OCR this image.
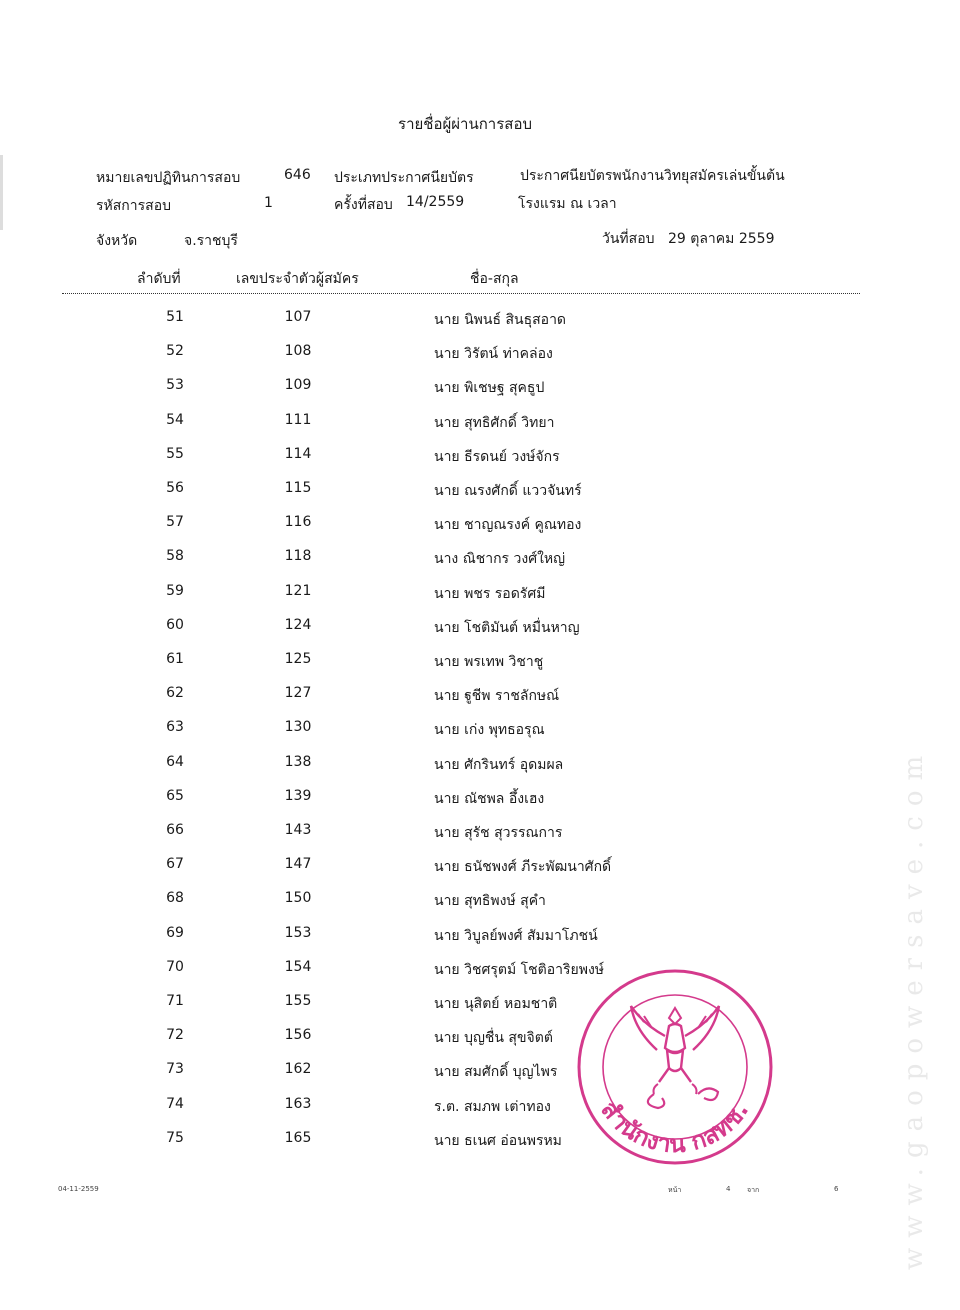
รายชื่อผู้ผ่านการสอบ
หมายเลขปฏิทินการสอบ	646 ประเภทประกาศนียบัตร	ประกาศนียบัตรพนักงานวิทยุสมัครเล่นขั้นต้น
รหัสการสอบ	1	ครั้งที่สอบ 14/2559	โรงแรม ณ เวลา
จังหวัด	จ.ราชบุรี	วันที่สอบ 29 ตุลาคม 2559
ลำดับที่	เลขประจำตัวผู้สมัคร	ชื่อ-สกุล
51	107	นาย นิพนธ์ สินธุสอาด
52	108	นาย วิรัตน์ ท่าคล่อง
53	109	นาย พิเชษฐ สุคธูป
54	111	นาย สุทธิศักดิ์ วิทยา
55	114	นาย ธีรดนย์ วงษ์จักร
56	115	นาย ณรงศักดิ์ แววจันทร์
57	116	นาย ชาญณรงค์ คูณทอง
58	118	นาง ณิชากร วงศ์ใหญ่
59	121	นาย พชร รอดรัศมี
60	124	นาย โชติมันต์ หมื่นหาญ
61	125	นาย พรเทพ วิชาชู
62	127	นาย ฐูชีพ ราชลักษณ์
63	130	นาย เก่ง พุทธอรุณ
64	138	นาย ศักรินทร์ อุดมผล
65	139	นาย ณัชพล อึ้งเฮง
66	143	นาย สุรัช สุวรรณการ
67	147	นาย ธนัชพงศ์ ภีระพัฒนาศักดิ์
68	150	นาย สุทธิพงษ์ สุคำ
69	153	นาย วิบูลย์พงศ์ สัมมาโภชน์
70	154	นาย วิชศรุตม์ โชติอาริยพงษ์
71	155	นาย นุสิตย์ หอมชาติ
72	156	นาย บุญชื่น สุขจิตต์
73	162	นาย สมศักดิ์ บุญไพร
74	163	ร.ต. สมภพ เต่าทอง
75	165	นาย ธเนศ อ่อนพรหม
สำนักงาน กสทช.
04-11-2559	หน้า	4 จาก	6 www.gaopowersave.com
